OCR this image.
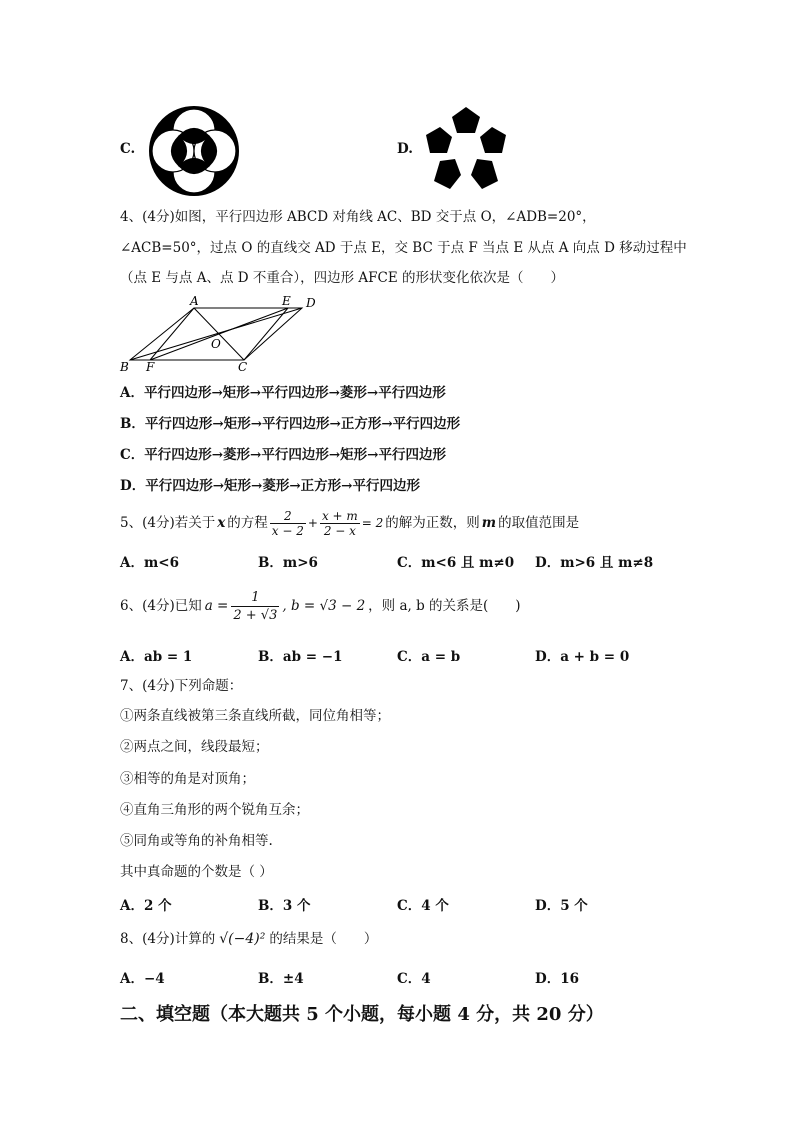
C.	D.
4、(4分)如图，平行四边形 ABCD 对角线 AC、BD 交于点 O，∠ADB=20°，
∠ACB=50°，过点 O 的直线交 AD 于点 E，交 BC 于点 F 当点 E 从点 A 向点 D 移动过程中
（点 E 与点 A、点 D 不重合），四边形 AFCE 的形状变化依次是（　　）
A	E D
O
B F	C
A．平行四边形→矩形→平行四边形→菱形→平行四边形
B．平行四边形→矩形→平行四边形→正方形→平行四边形
C．平行四边形→菱形→平行四边形→矩形→平行四边形
D．平行四边形→矩形→菱形→正方形→平行四边形
5、(4分)若关于 x 的方程 $\frac{2}{x - 2} + \frac{x + m}{2 - x} = 2$ 的解为正数，则 m 的取值范围是
A．m<6	B．m>6	C．m<6 且 m≠0 D．m>6 且 m≠8
6、(4分)已知 $a = \frac{1}{2 + √3}$ , b = √3 − 2 ，则 a, b 的关系是(　　)
A．ab = 1	B．ab = −1	C．a = b	D．a + b = 0
7、(4分)下列命题：
①两条直线被第三条直线所截，同位角相等；
②两点之间，线段最短；
③相等的角是对顶角；
④直角三角形的两个锐角互余；
⑤同角或等角的补角相等.
其中真命题的个数是（ ）
A．2 个	B．3 个	C．4 个	D．5 个
8、(4分)计算的 √(−4)² 的结果是（　　）
A．−4	B．±4	C．4	D．16
二、填空题（本大题共 5 个小题，每小题 4 分，共 20 分）
